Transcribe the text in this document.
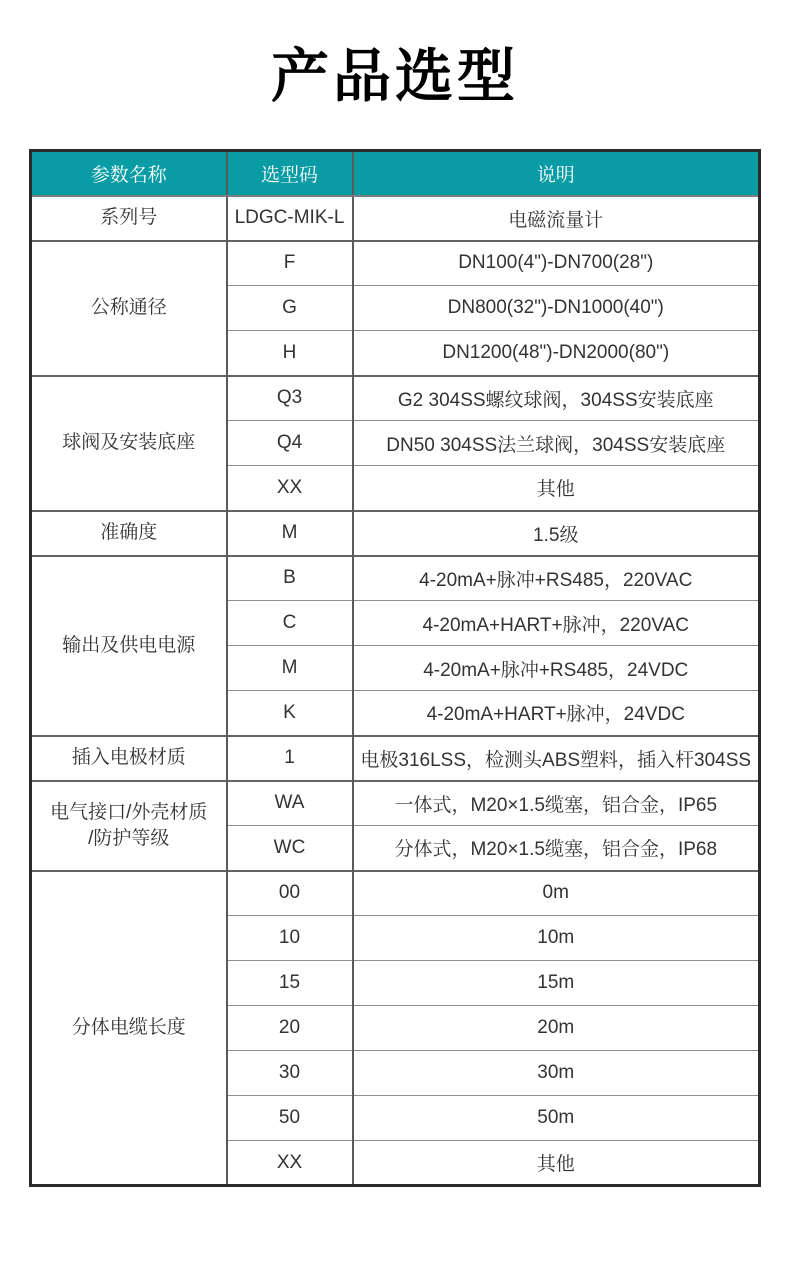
产品选型
参数名称	选型码	说明

系列号	LDGC-MIK-L	电磁流量计

公称通径	F	DN100(4")-DN700(28")
	G	DN800(32")-DN1000(40")
	H	DN1200(48")-DN2000(80")

球阀及安装底座	Q3	G2 304SS螺纹球阀，304SS安装底座
	Q4	DN50 304SS法兰球阀，304SS安装底座
	XX	其他

准确度	M	1.5级

输出及供电电源	B	4-20mA+脉冲+RS485，220VAC
	C	4-20mA+HART+脉冲，220VAC
	M	4-20mA+脉冲+RS485，24VDC
	K	4-20mA+HART+脉冲，24VDC

插入电极材质	1	电极316LSS，检测头ABS塑料，插入杆304SS

电气接口/外壳材质
/防护等级	WA	一体式，M20×1.5缆塞，铝合金，IP65
	WC	分体式，M20×1.5缆塞，铝合金，IP68

分体电缆长度	00	0m
	10	10m
	15	15m
	20	20m
	30	30m
	50	50m
	XX	其他
